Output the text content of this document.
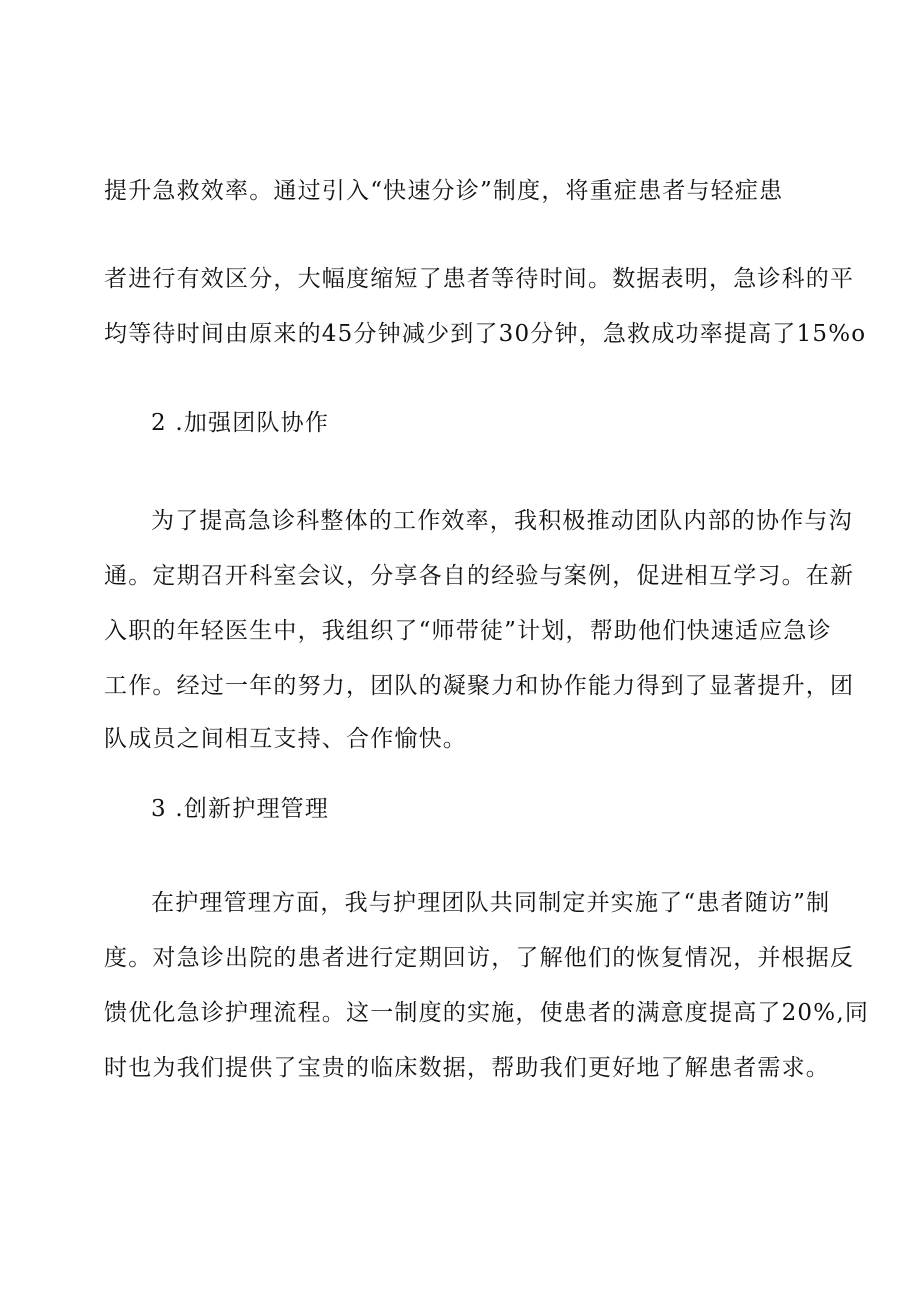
提升急救效率。通过引入“快速分诊”制度，将重症患者与轻症患
者进行有效区分，大幅度缩短了患者等待时间。数据表明，急诊科的平
均等待时间由原来的45分钟减少到了30分钟，急救成功率提高了15%o
2 .加强团队协作
为了提高急诊科整体的工作效率，我积极推动团队内部的协作与沟
通。定期召开科室会议，分享各自的经验与案例，促进相互学习。在新
入职的年轻医生中，我组织了“师带徒”计划，帮助他们快速适应急诊
工作。经过一年的努力，团队的凝聚力和协作能力得到了显著提升，团
队成员之间相互支持、合作愉快。
3 .创新护理管理
在护理管理方面，我与护理团队共同制定并实施了“患者随访”制
度。对急诊出院的患者进行定期回访，了解他们的恢复情况，并根据反
馈优化急诊护理流程。这一制度的实施，使患者的满意度提高了20%,同
时也为我们提供了宝贵的临床数据，帮助我们更好地了解患者需求。
